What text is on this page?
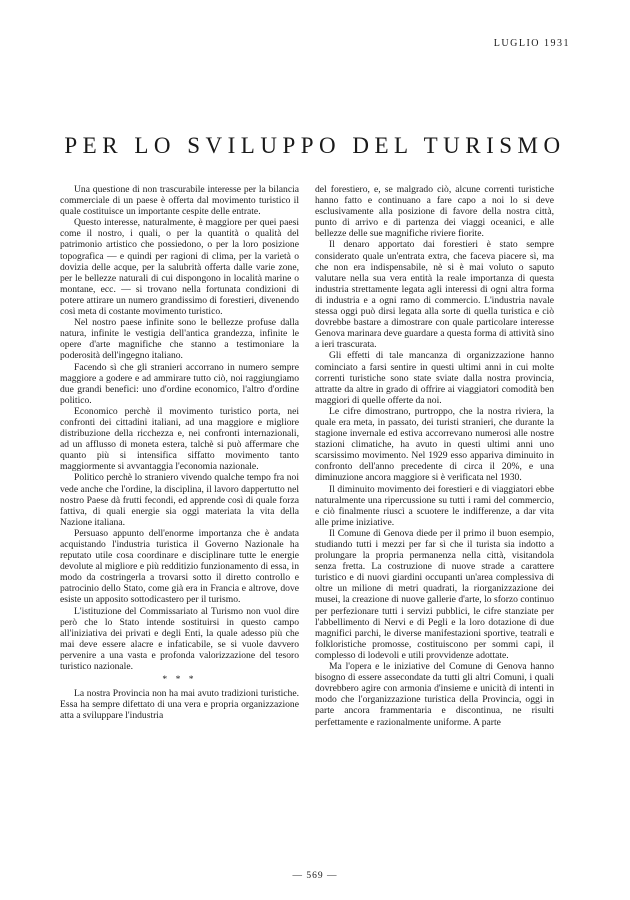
LUGLIO 1931
PER LO SVILUPPO DEL TURISMO

Una questione di non trascurabile interesse per la bilancia commerciale di un paese è offerta dal movimento turistico il quale costituisce un importante cespite delle entrate.

Questo interesse, naturalmente, è maggiore per quei paesi come il nostro, i quali, o per la quantità o qualità del patrimonio artistico che possiedono, o per la loro posizione topografica — e quindi per ragioni di clima, per la varietà o dovizia delle acque, per la salubrità offerta dalle varie zone, per le bellezze naturali di cui dispongono in località marine o montane, ecc. — si trovano nella fortunata condizioni di potere attirare un numero grandissimo di forestieri, divenendo così meta di costante movimento turistico.

Nel nostro paese infinite sono le bellezze profuse dalla natura, infinite le vestigia dell'antica grandezza, infinite le opere d'arte magnifiche che stanno a testimoniare la poderosità dell'ingegno italiano.

Facendo sì che gli stranieri accorrano in numero sempre maggiore a godere e ad ammirare tutto ciò, noi raggiungiamo due grandi benefici: uno d'ordine economico, l'altro d'ordine politico.

Economico perchè il movimento turistico porta, nei confronti dei cittadini italiani, ad una maggiore e migliore distribuzione della ricchezza e, nei confronti internazionali, ad un afflusso di moneta estera, talchè si può affermare che quanto più si intensifica siffatto movimento tanto maggiormente si avvantaggia l'economia nazionale.

Politico perchè lo straniero vivendo qualche tempo fra noi vede anche che l'ordine, la disciplina, il lavoro dappertutto nel nostro Paese dà frutti fecondi, ed apprende così di quale forza fattiva, di quali energie sia oggi materiata la vita della Nazione italiana.

Persuaso appunto dell'enorme importanza che è andata acquistando l'industria turistica il Governo Nazionale ha reputato utile cosa coordinare e disciplinare tutte le energie devolute al migliore e più redditizio funzionamento di essa, in modo da costringerla a trovarsi sotto il diretto controllo e patrocinio dello Stato, come già era in Francia e altrove, dove esiste un apposito sottodicastero per il turismo.

L'istituzione del Commissariato al Turismo non vuol dire però che lo Stato intende sostituirsi in questo campo all'iniziativa dei privati e degli Enti, la quale adesso più che mai deve essere alacre e infaticabile, se si vuole davvero pervenire a una vasta e profonda valorizzazione del tesoro turistico nazionale.

* * *

La nostra Provincia non ha mai avuto tradizioni turistiche. Essa ha sempre difettato di una vera e propria organizzazione atta a sviluppare l'industria

del forestiero, e, se malgrado ciò, alcune correnti turistiche hanno fatto e continuano a fare capo a noi lo si deve esclusivamente alla posizione di favore della nostra città, punto di arrivo e di partenza dei viaggi oceanici, e alle bellezze delle sue magnifiche riviere fiorite.

Il denaro apportato dai forestieri è stato sempre considerato quale un'entrata extra, che faceva piacere sì, ma che non era indispensabile, nè si è mai voluto o saputo valutare nella sua vera entità la reale importanza di questa industria strettamente legata agli interessi di ogni altra forma di industria e a ogni ramo di commercio. L'industria navale stessa oggi può dirsi legata alla sorte di quella turistica e ciò dovrebbe bastare a dimostrare con quale particolare interesse Genova marinara deve guardare a questa forma di attività sino a ieri trascurata.

Gli effetti di tale mancanza di organizzazione hanno cominciato a farsi sentire in questi ultimi anni in cui molte correnti turistiche sono state sviate dalla nostra provincia, attratte da altre in grado di offrire ai viaggiatori comodità ben maggiori di quelle offerte da noi.

Le cifre dimostrano, purtroppo, che la nostra riviera, la quale era meta, in passato, dei turisti stranieri, che durante la stagione invernale ed estiva accorrevano numerosi alle nostre stazioni climatiche, ha avuto in questi ultimi anni uno scarsissimo movimento. Nel 1929 esso appariva diminuito in confronto dell'anno precedente di circa il 20%, e una diminuzione ancora maggiore si è verificata nel 1930.

Il diminuito movimento dei forestieri e di viaggiatori ebbe naturalmente una ripercussione su tutti i rami del commercio, e ciò finalmente riuscì a scuotere le indifferenze, a dar vita alle prime iniziative.

Il Comune di Genova diede per il primo il buon esempio, studiando tutti i mezzi per far sì che il turista sia indotto a prolungare la propria permanenza nella città, visitandola senza fretta. La costruzione di nuove strade a carattere turistico e di nuovi giardini occupanti un'area complessiva di oltre un milione di metri quadrati, la riorganizzazione dei musei, la creazione di nuove gallerie d'arte, lo sforzo continuo per perfezionare tutti i servizi pubblici, le cifre stanziate per l'abbellimento di Nervi e di Pegli e la loro dotazione di due magnifici parchi, le diverse manifestazioni sportive, teatrali e folkloristiche promosse, costituiscono per sommi capi, il complesso di lodevoli e utili provvidenze adottate.

Ma l'opera e le iniziative del Comune di Genova hanno bisogno di essere assecondate da tutti gli altri Comuni, i quali dovrebbero agire con armonia d'insieme e unicità di intenti in modo che l'organizzazione turistica della Provincia, oggi in parte ancora frammentaria e discontinua, ne risulti perfettamente e razionalmente uniforme. A parte

— 569 —
